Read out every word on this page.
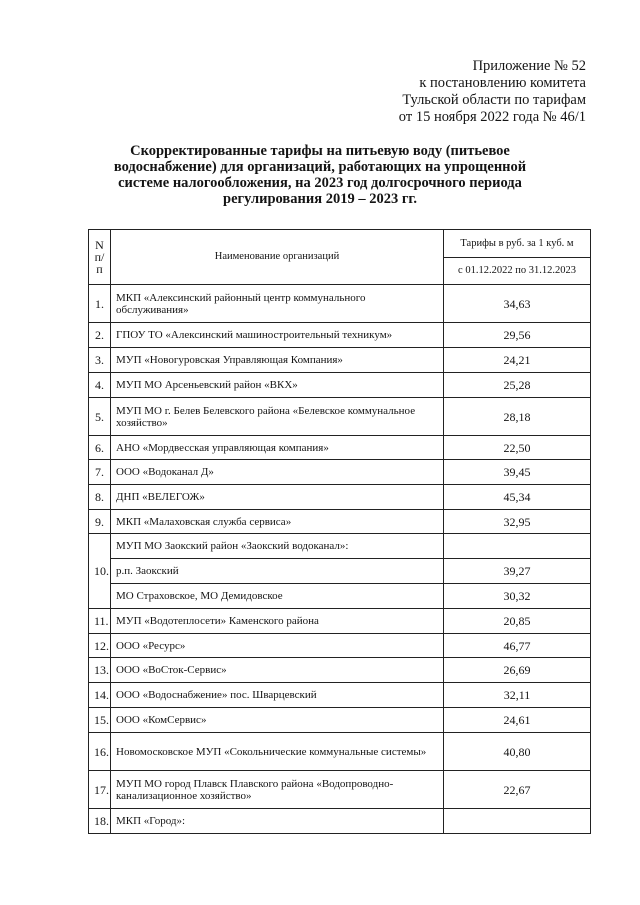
Приложение № 52
к постановлению комитета
Тульской области по тарифам
от 15 ноября 2022 года № 46/1
Скорректированные тарифы на питьевую воду (питьевое водоснабжение) для организаций, работающих на упрощенной системе налогообложения, на 2023 год долгосрочного периода регулирования 2019 – 2023 гг.
N п/п	Наименование организаций	Тарифы в руб. за 1 куб. м
		с 01.12.2022 по 31.12.2023
1.	МКП «Алексинский районный центр коммунального обслуживания»	34,63
2.	ГПОУ ТО «Алексинский машиностроительный техникум»	29,56
3.	МУП «Новогуровская Управляющая Компания»	24,21
4.	МУП МО Арсеньевский район «ВКХ»	25,28
5.	МУП МО г. Белев Белевского района «Белевское коммунальное хозяйство»	28,18
6.	АНО «Мордвесская управляющая компания»	22,50
7.	ООО «Водоканал Д»	39,45
8.	ДНП «ВЕЛЕГОЖ»	45,34
9.	МКП «Малаховская служба сервиса»	32,95
10.	МУП МО Заокский район «Заокский водоканал»:	
	р.п. Заокский	39,27
	МО Страховское, МО Демидовское	30,32
11.	МУП «Водотеплосети» Каменского района	20,85
12.	ООО «Ресурс»	46,77
13.	ООО «ВоСток-Сервис»	26,69
14.	ООО «Водоснабжение» пос. Шварцевский	32,11
15.	ООО «КомСервис»	24,61
16.	Новомосковское МУП «Сокольнические коммунальные системы»	40,80
17.	МУП МО город Плавск Плавского района «Водопроводно-канализационное хозяйство»	22,67
18.	МКП «Город»:	
